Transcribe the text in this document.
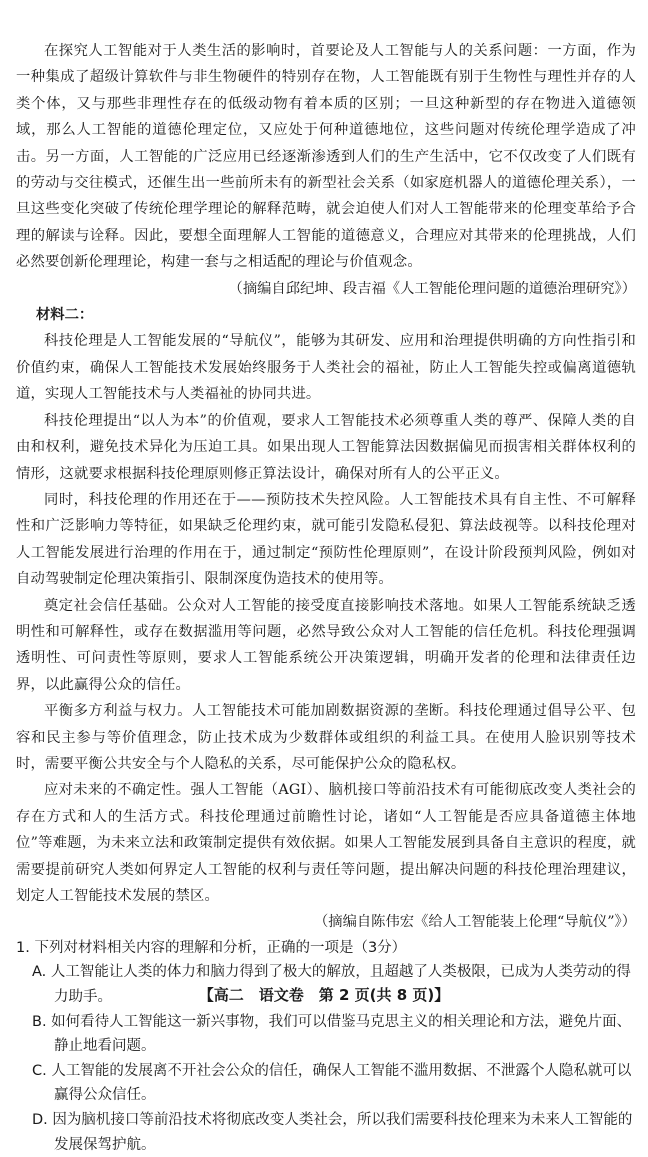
在探究人工智能对于人类生活的影响时，首要论及人工智能与人的关系问题：一方面，作为一种集成了超级计算软件与非生物硬件的特别存在物，人工智能既有别于生物性与理性并存的人类个体，又与那些非理性存在的低级动物有着本质的区别；一旦这种新型的存在物进入道德领域，那么人工智能的道德伦理定位，又应处于何种道德地位，这些问题对传统伦理学造成了冲击。另一方面，人工智能的广泛应用已经逐渐渗透到人们的生产生活中，它不仅改变了人们既有的劳动与交往模式，还催生出一些前所未有的新型社会关系（如家庭机器人的道德伦理关系），一旦这些变化突破了传统伦理学理论的解释范畴，就会迫使人们对人工智能带来的伦理变革给予合理的解读与诠释。因此，要想全面理解人工智能的道德意义，合理应对其带来的伦理挑战，人们必然要创新伦理理论，构建一套与之相适配的理论与价值观念。

（摘编自邱纪坤、段吉福《人工智能伦理问题的道德治理研究》）

材料二：

科技伦理是人工智能发展的“导航仪”，能够为其研发、应用和治理提供明确的方向性指引和价值约束，确保人工智能技术发展始终服务于人类社会的福祉，防止人工智能失控或偏离道德轨道，实现人工智能技术与人类福祉的协同共进。

科技伦理提出“以人为本”的价值观，要求人工智能技术必须尊重人类的尊严、保障人类的自由和权利，避免技术异化为压迫工具。如果出现人工智能算法因数据偏见而损害相关群体权利的情形，这就要求根据科技伦理原则修正算法设计，确保对所有人的公平正义。

同时，科技伦理的作用还在于——预防技术失控风险。人工智能技术具有自主性、不可解释性和广泛影响力等特征，如果缺乏伦理约束，就可能引发隐私侵犯、算法歧视等。以科技伦理对人工智能发展进行治理的作用在于，通过制定“预防性伦理原则”，在设计阶段预判风险，例如对自动驾驶制定伦理决策指引、限制深度伪造技术的使用等。

奠定社会信任基础。公众对人工智能的接受度直接影响技术落地。如果人工智能系统缺乏透明性和可解释性，或存在数据滥用等问题，必然导致公众对人工智能的信任危机。科技伦理强调透明性、可问责性等原则，要求人工智能系统公开决策逻辑，明确开发者的伦理和法律责任边界，以此赢得公众的信任。

平衡多方利益与权力。人工智能技术可能加剧数据资源的垄断。科技伦理通过倡导公平、包容和民主参与等价值理念，防止技术成为少数群体或组织的利益工具。在使用人脸识别等技术时，需要平衡公共安全与个人隐私的关系，尽可能保护公众的隐私权。

应对未来的不确定性。强人工智能（AGI）、脑机接口等前沿技术有可能彻底改变人类社会的存在方式和人的生活方式。科技伦理通过前瞻性讨论，诸如“人工智能是否应具备道德主体地位”等难题，为未来立法和政策制定提供有效依据。如果人工智能发展到具备自主意识的程度，就需要提前研究人类如何界定人工智能的权利与责任等问题，提出解决问题的科技伦理治理建议，划定人工智能技术发展的禁区。

（摘编自陈伟宏《给人工智能装上伦理“导航仪”》）

1. 下列对材料相关内容的理解和分析，正确的一项是（3分）

A. 人工智能让人类的体力和脑力得到了极大的解放，且超越了人类极限，已成为人类劳动的得力助手。

B. 如何看待人工智能这一新兴事物，我们可以借鉴马克思主义的相关理论和方法，避免片面、静止地看问题。

C. 人工智能的发展离不开社会公众的信任，确保人工智能不滥用数据、不泄露个人隐私就可以赢得公众信任。

D. 因为脑机接口等前沿技术将彻底改变人类社会，所以我们需要科技伦理来为未来人工智能的发展保驾护航。

【高二　语文卷　第 2 页(共 8 页)】
